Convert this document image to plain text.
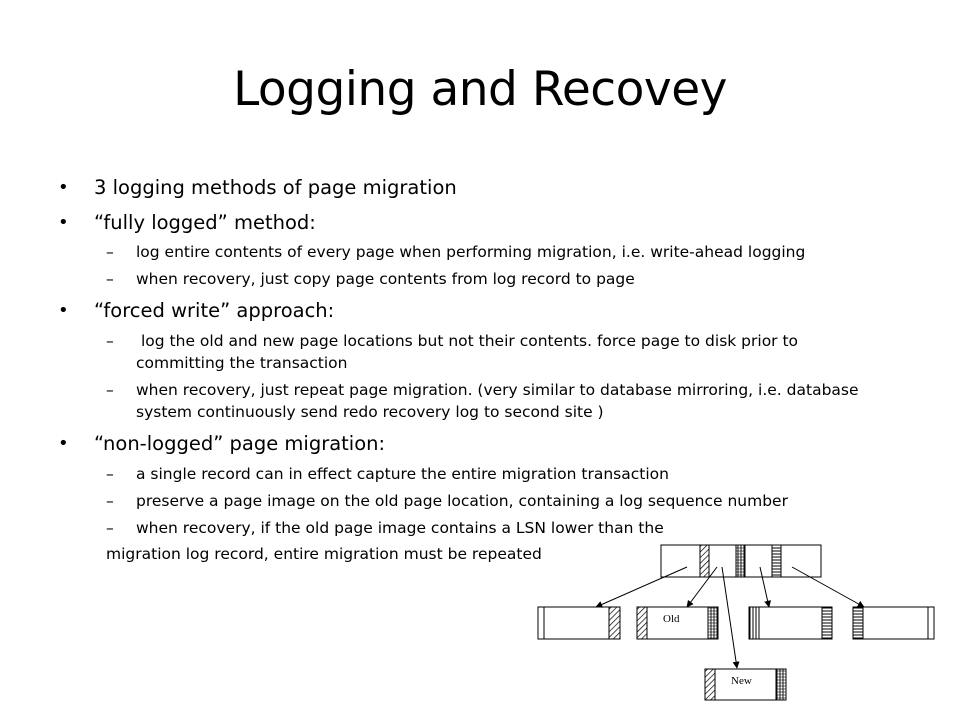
Logging and Recovey
• 3 logging methods of page migration
• “fully logged” method:
– log entire contents of every page when performing migration, i.e. write-ahead logging
– when recovery, just copy page contents from log record to page
• “forced write” approach:
– log the old and new page locations but not their contents. force page to disk prior to committing the transaction
– when recovery, just repeat page migration. (very similar to database mirroring, i.e. database system continuously send redo recovery log to second site )
• “non-logged” page migration:
– a single record can in effect capture the entire migration transaction
– preserve a page image on the old page location, containing a log sequence number
– when recovery, if the old page image contains a LSN lower than the
migration log record, entire migration must be repeated
Old
New
